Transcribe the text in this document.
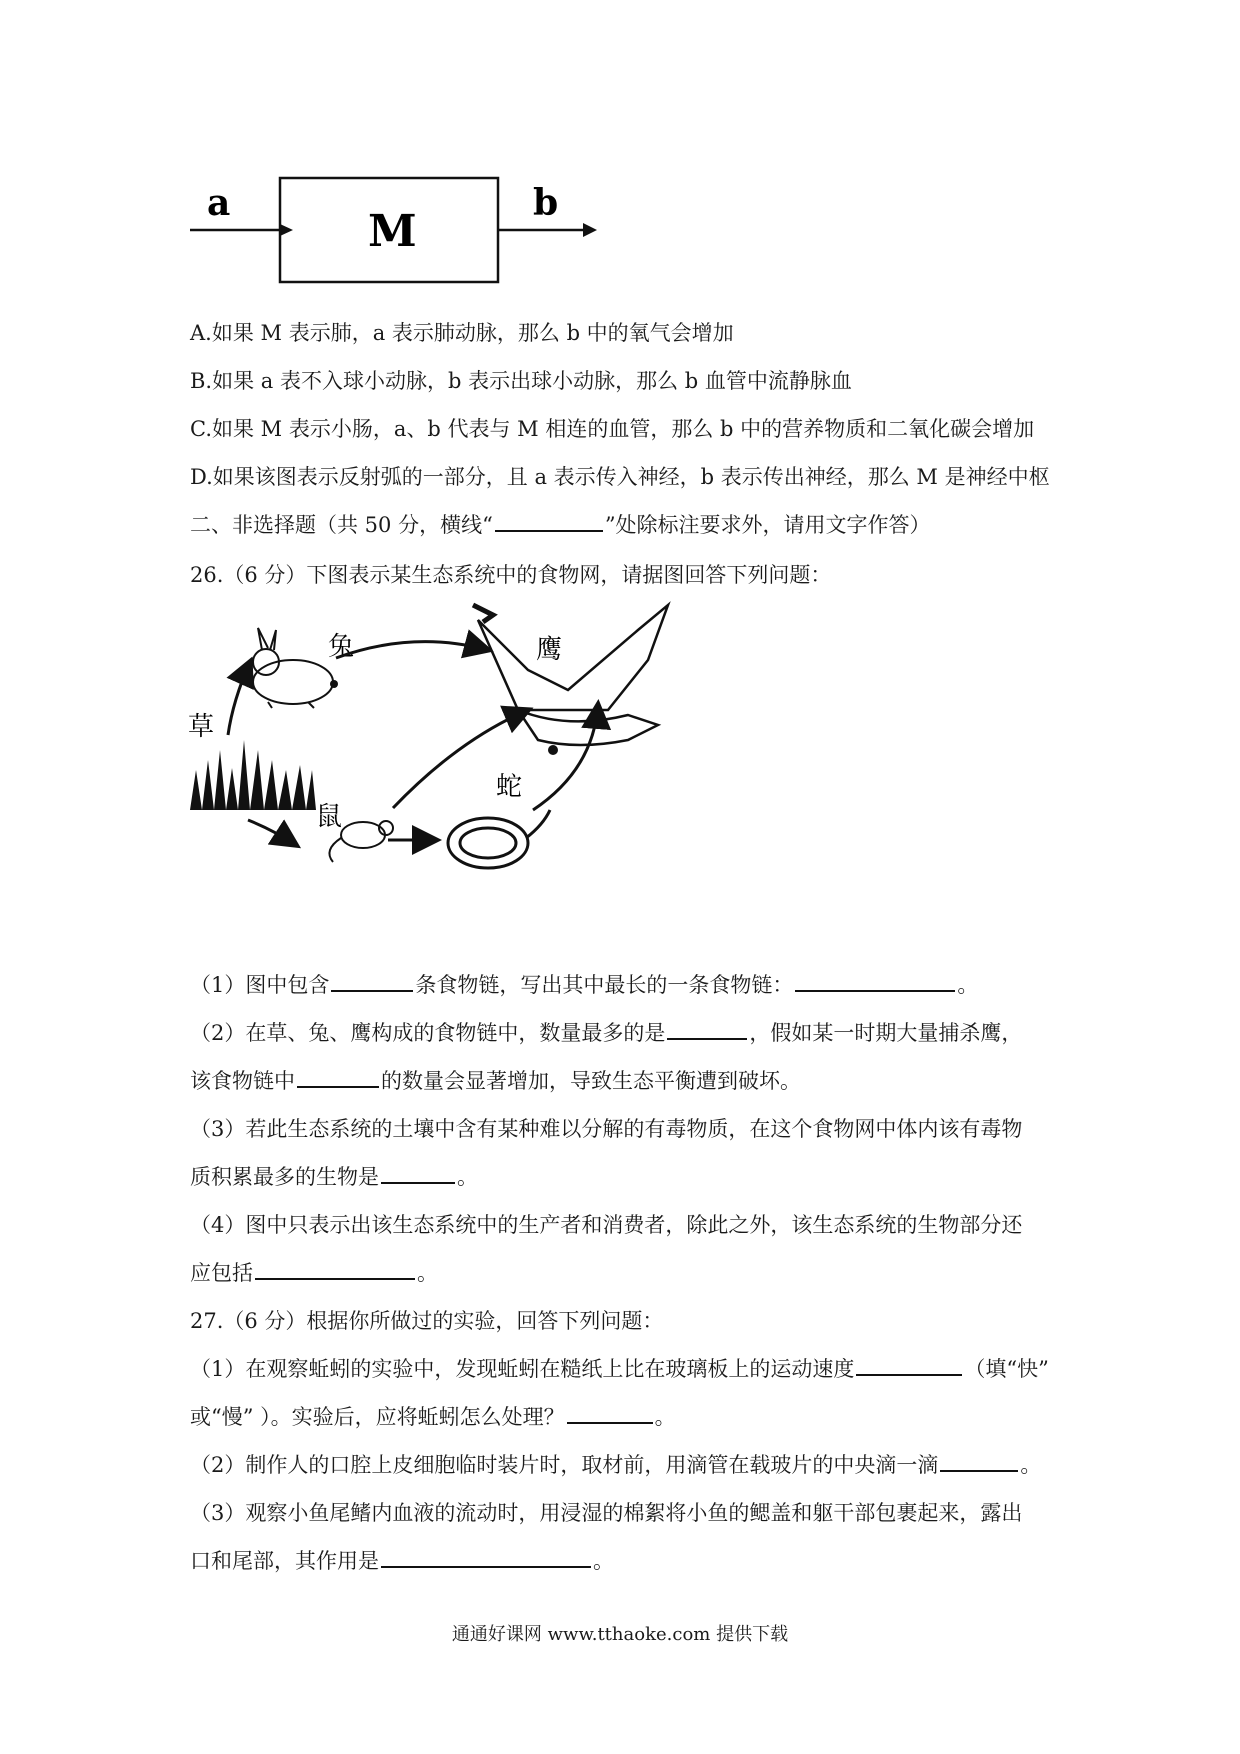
a
M
b
A.如果 M 表示肺，a 表示肺动脉，那么 b 中的氧气会增加
B.如果 a 表不入球小动脉，b 表示出球小动脉，那么 b 血管中流静脉血
C.如果 M 表示小肠，a、b 代表与 M 相连的血管，那么 b 中的营养物质和二氧化碳会增加
D.如果该图表示反射弧的一部分，且 a 表示传入神经，b 表示传出神经，那么 M 是神经中枢
二、非选择题（共 50 分，横线“	”处除标注要求外，请用文字作答）
26.（6 分）下图表示某生态系统中的食物网，请据图回答下列问题：
兔	鹰
草
鼠
蛇
（1）图中包含	条食物链，写出其中最长的一条食物链：	。
（2）在草、兔、鹰构成的食物链中，数量最多的是	，假如某一时期大量捕杀鹰，
该食物链中	的数量会显著增加，导致生态平衡遭到破坏。
（3）若此生态系统的土壤中含有某种难以分解的有毒物质，在这个食物网中体内该有毒物
质积累最多的生物是	。
（4）图中只表示出该生态系统中的生产者和消费者，除此之外，该生态系统的生物部分还
应包括	。
27.（6 分）根据你所做过的实验，回答下列问题：
（1）在观察蚯蚓的实验中，发现蚯蚓在糙纸上比在玻璃板上的运动速度	（填“快”
或“慢” ）。实验后，应将蚯蚓怎么处理？	。
（2）制作人的口腔上皮细胞临时装片时，取材前，用滴管在载玻片的中央滴一滴	。
（3）观察小鱼尾鳍内血液的流动时，用浸湿的棉絮将小鱼的鳃盖和躯干部包裹起来，露出
口和尾部，其作用是	。
通通好课网 www.tthaoke.com 提供下载
